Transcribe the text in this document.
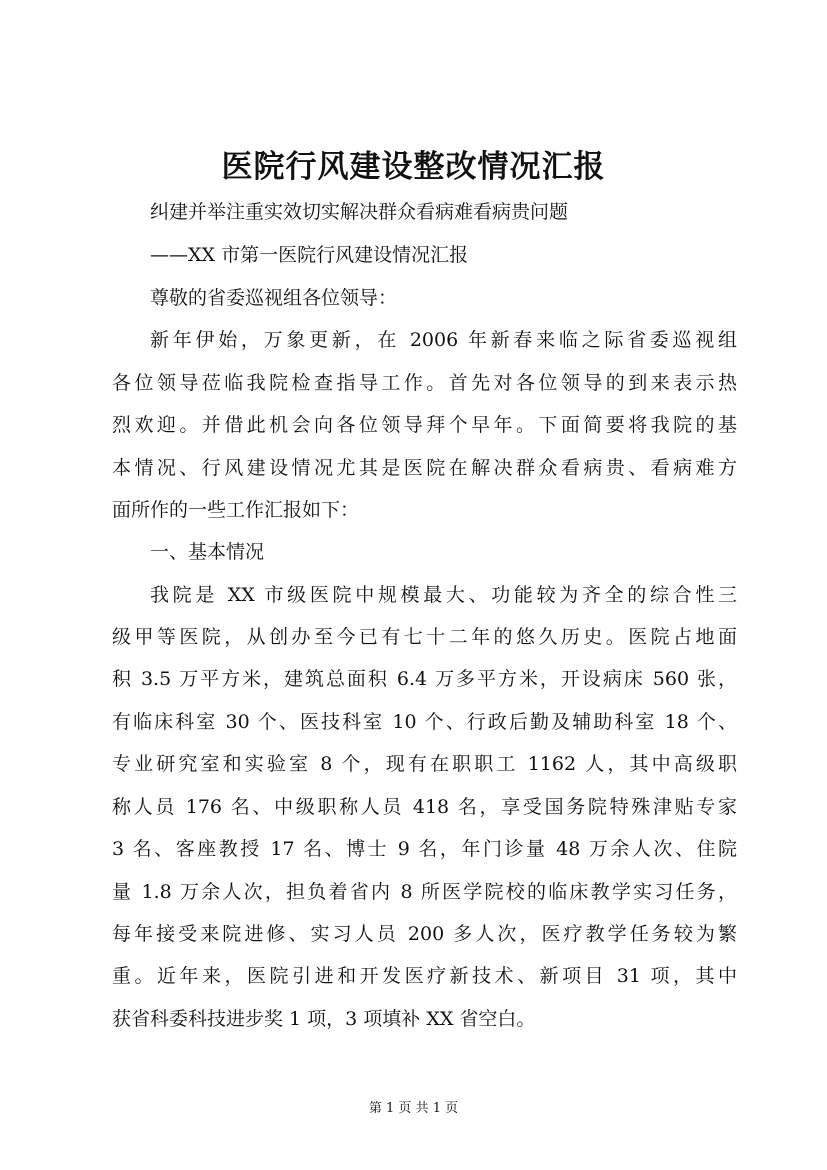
医院行风建设整改情况汇报

纠建并举注重实效切实解决群众看病难看病贵问题

——XX 市第一医院行风建设情况汇报

尊敬的省委巡视组各位领导：

新年伊始，万象更新，在 2006 年新春来临之际省委巡视组

各位领导莅临我院检查指导工作。首先对各位领导的到来表示热

烈欢迎。并借此机会向各位领导拜个早年。下面简要将我院的基

本情况、行风建设情况尤其是医院在解决群众看病贵、看病难方

面所作的一些工作汇报如下：

一、基本情况

我院是 XX 市级医院中规模最大、功能较为齐全的综合性三

级甲等医院，从创办至今已有七十二年的悠久历史。医院占地面

积 3.5 万平方米，建筑总面积 6.4 万多平方米，开设病床 560 张，

有临床科室 30 个、医技科室 10 个、行政后勤及辅助科室 18 个、

专业研究室和实验室 8 个，现有在职职工 1162 人，其中高级职

称人员 176 名、中级职称人员 418 名，享受国务院特殊津贴专家

3 名、客座教授 17 名、博士 9 名，年门诊量 48 万余人次、住院

量 1.8 万余人次，担负着省内 8 所医学院校的临床教学实习任务，

每年接受来院进修、实习人员 200 多人次，医疗教学任务较为繁

重。近年来，医院引进和开发医疗新技术、新项目 31 项，其中

获省科委科技进步奖 1 项，3 项填补 XX 省空白。

第 1 页 共 1 页
